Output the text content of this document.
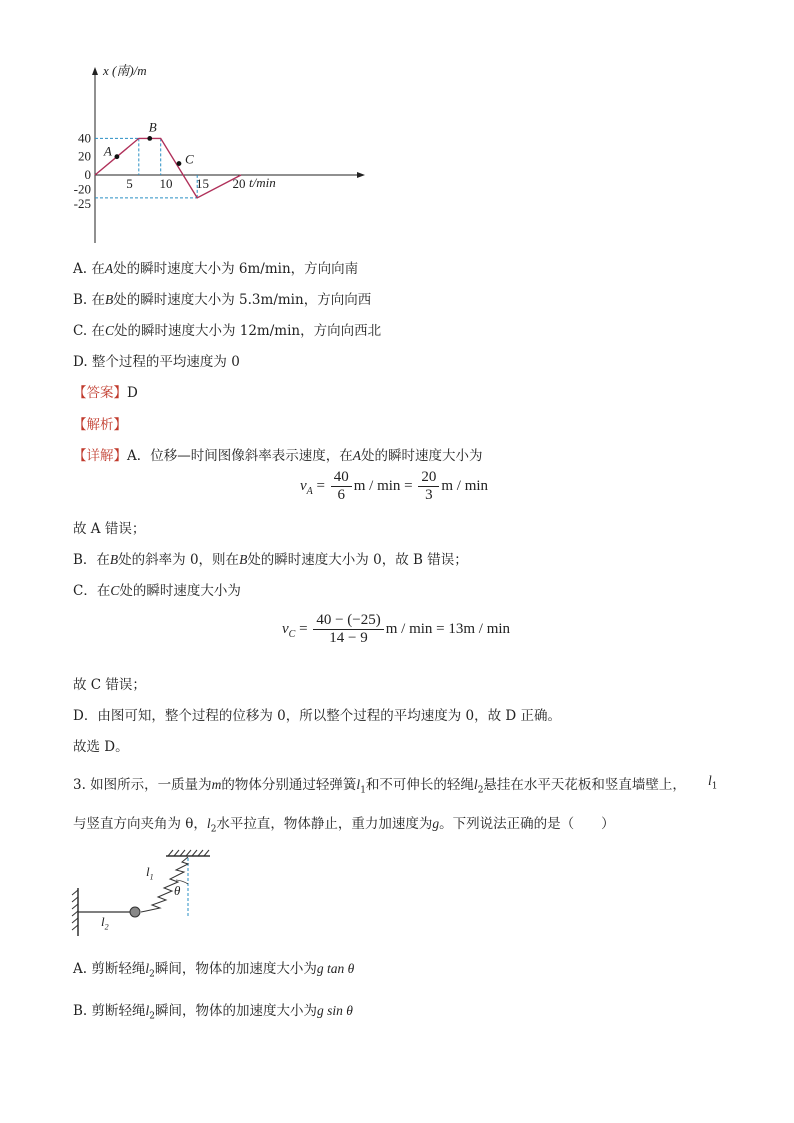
x (南)/m
t/min
5 10 15 20
40
20
0
-20
-25
A
B
C
A. 在A处的瞬时速度大小为 6m/min，方向向南
B. 在B处的瞬时速度大小为 5.3m/min，方向向西
C. 在C处的瞬时速度大小为 12m/min，方向向西北
D. 整个过程的平均速度为 0
【答案】D
【解析】
【详解】A．位移—时间图像斜率表示速度，在A处的瞬时速度大小为
$v_A = \frac{40}{6}$ $m / \min = \frac{20}{3}$ m / min
故 A 错误；
B．在B处的斜率为 0，则在B处的瞬时速度大小为 0，故 B 错误；
C．在C处的瞬时速度大小为
$v_C = \frac{40 - (-25)}{14 - 9}$ m / min = 13m / min
故 C 错误；
D．由图可知，整个过程的位移为 0，所以整个过程的平均速度为 0，故 D 正确。
故选 D。
3. 如图所示，一质量为m的物体分别通过轻弹簧$l_1$和不可伸长的轻绳$l_2$悬挂在水平天花板和竖直墙壁上， $l_1$
与竖直方向夹角为 θ，$l_2$水平拉直，物体静止，重力加速度为g。下列说法正确的是（　　）
$l_1$
θ
$l_2$
A. 剪断轻绳$l_2$瞬间，物体的加速度大小为g tan θ
B. 剪断轻绳$l_2$瞬间，物体的加速度大小为g sin θ
